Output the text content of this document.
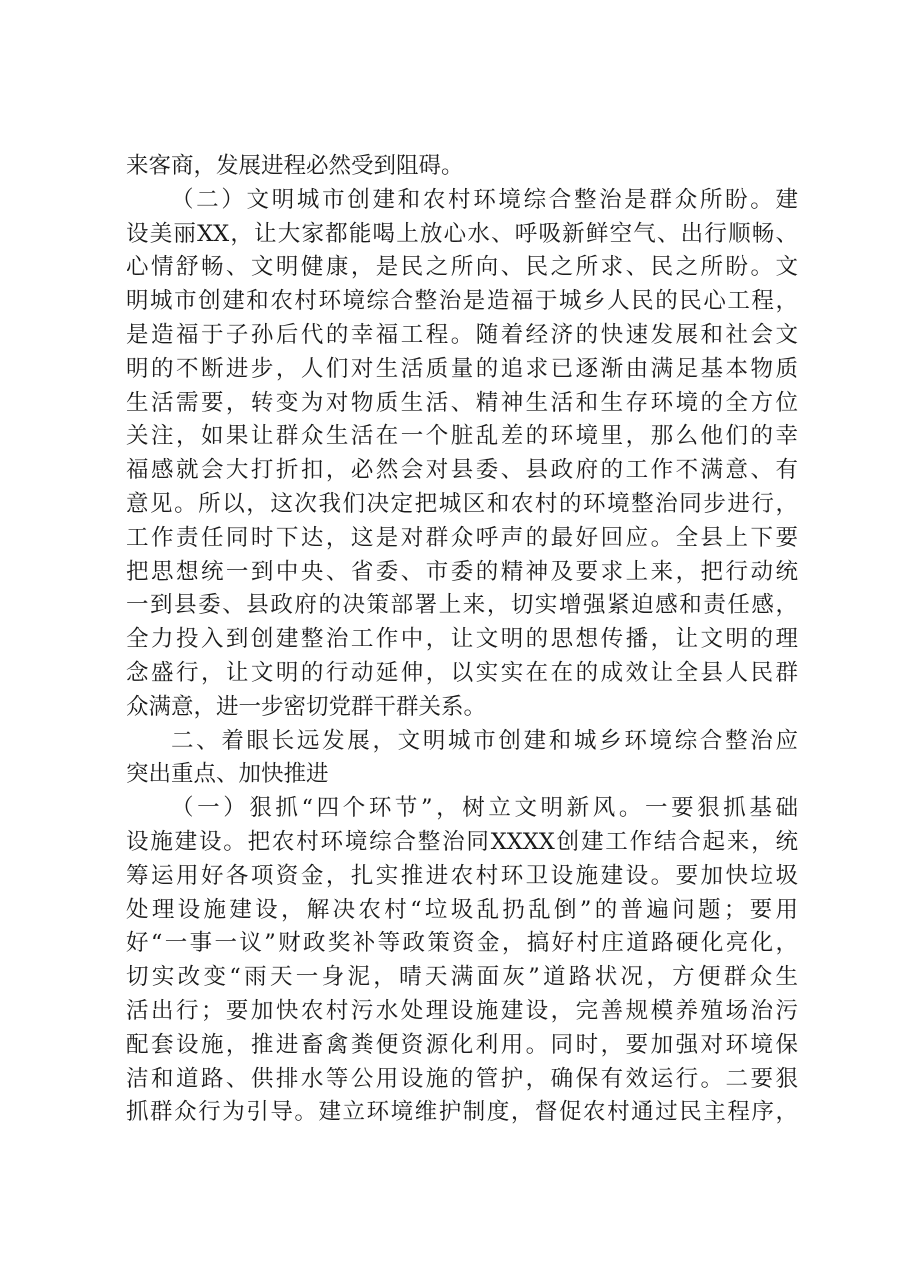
来客商，发展进程必然受到阻碍。
（二）文明城市创建和农村环境综合整治是群众所盼。建
设美丽XX，让大家都能喝上放心水、呼吸新鲜空气、出行顺畅、
心情舒畅、文明健康，是民之所向、民之所求、民之所盼。文
明城市创建和农村环境综合整治是造福于城乡人民的民心工程，
是造福于子孙后代的幸福工程。随着经济的快速发展和社会文
明的不断进步，人们对生活质量的追求已逐渐由满足基本物质
生活需要，转变为对物质生活、精神生活和生存环境的全方位
关注，如果让群众生活在一个脏乱差的环境里，那么他们的幸
福感就会大打折扣，必然会对县委、县政府的工作不满意、有
意见。所以，这次我们决定把城区和农村的环境整治同步进行，
工作责任同时下达，这是对群众呼声的最好回应。全县上下要
把思想统一到中央、省委、市委的精神及要求上来，把行动统
一到县委、县政府的决策部署上来，切实增强紧迫感和责任感，
全力投入到创建整治工作中，让文明的思想传播，让文明的理
念盛行，让文明的行动延伸，以实实在在的成效让全县人民群
众满意，进一步密切党群干群关系。
二、着眼长远发展，文明城市创建和城乡环境综合整治应
突出重点、加快推进
（一）狠抓“四个环节”，树立文明新风。一要狠抓基础
设施建设。把农村环境综合整治同XXXX创建工作结合起来，统
筹运用好各项资金，扎实推进农村环卫设施建设。要加快垃圾
处理设施建设，解决农村“垃圾乱扔乱倒”的普遍问题；要用
好“一事一议”财政奖补等政策资金，搞好村庄道路硬化亮化，
切实改变“雨天一身泥，晴天满面灰”道路状况，方便群众生
活出行；要加快农村污水处理设施建设，完善规模养殖场治污
配套设施，推进畜禽粪便资源化利用。同时，要加强对环境保
洁和道路、供排水等公用设施的管护，确保有效运行。二要狠
抓群众行为引导。建立环境维护制度，督促农村通过民主程序，
